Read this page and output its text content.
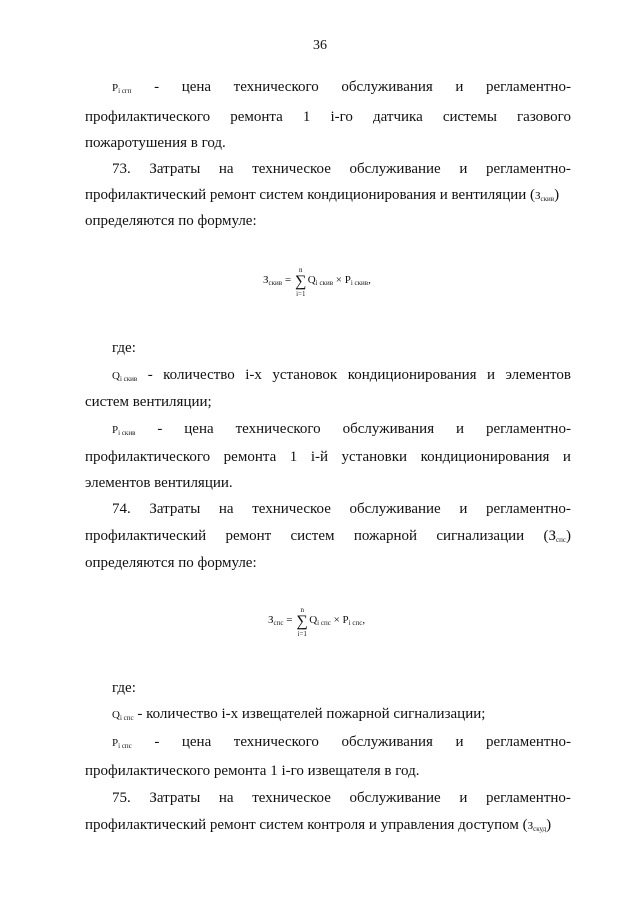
36
$P_{i сгп}$ - цена технического обслуживания и регламентно-
профилактического ремонта 1 i-го датчика системы газового
пожаротушения в год.
73. Затраты на техническое обслуживание и регламентно-
профилактический ремонт систем кондиционирования и вентиляции $(З_{скив})$
определяются по формуле:
$З_{скив}$ = ∑
n
i=1
$Q_{i скив} \times P_{i скив}$,
где:
$Q_{i скив}$ - количество i-х установок кондиционирования и элементов
систем вентиляции;
$P_{i скив}$ - цена технического обслуживания и регламентно-
профилактического ремонта 1 i-й установки кондиционирования и
элементов вентиляции.
74. Затраты на техническое обслуживание и регламентно-
профилактический ремонт систем пожарной сигнализации $(З_{спс})$
определяются по формуле:
$З_{спс}$ = ∑
n
i=1
$Q_{i спс} \times P_{i спс}$,
где:
$Q_{i спс}$ - количество i-х извещателей пожарной сигнализации;
$P_{i спс}$ - цена технического обслуживания и регламентно-
профилактического ремонта 1 i-го извещателя в год.
75. Затраты на техническое обслуживание и регламентно-
профилактический ремонт систем контроля и управления доступом $(З_{скуд})$
